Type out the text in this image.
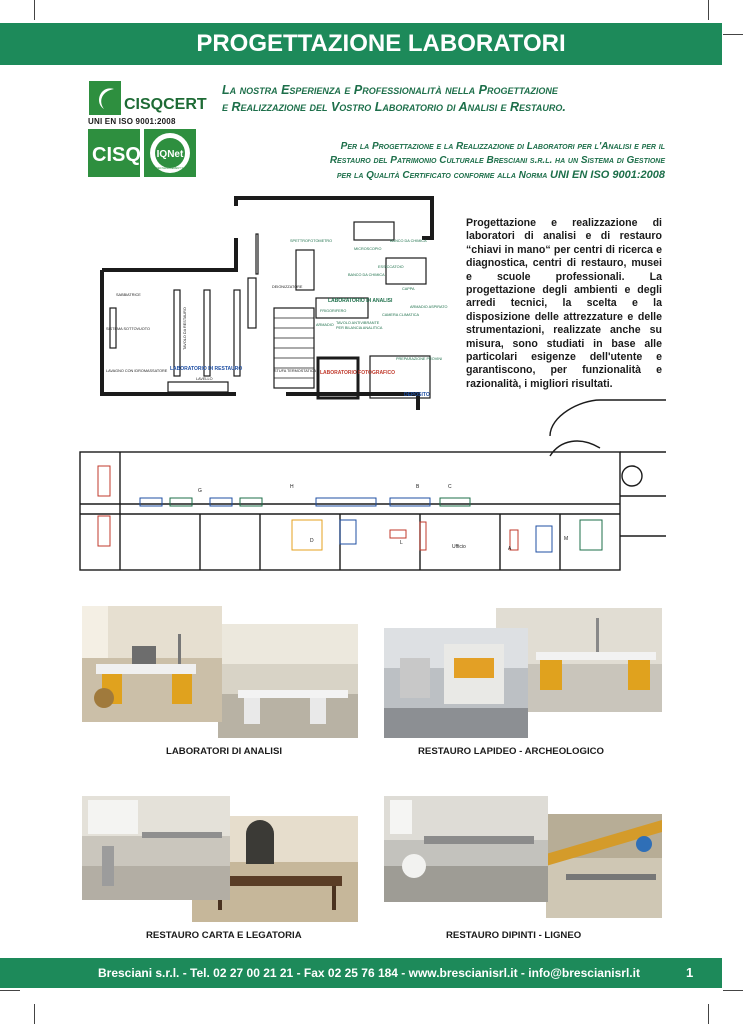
PROGETTAZIONE LABORATORI
CISQCERT
UNI EN ISO 9001:2008
CISQ IQNet
CERTIFIED MANAGEMENT SYSTEM
La nostra Esperienza e Professionalità nella Progettazione
e Realizzazione del Vostro Laboratorio di Analisi e Restauro.
Per la Progettazione e la Realizzazione di Laboratori per l'Analisi e per il
Restauro del Patrimonio Culturale Bresciani s.r.l. ha un Sistema di Gestione
per la Qualità Certificato conforme alla Norma UNI EN ISO 9001:2008
SPETTROFOTOMETRO
MICROSCOPIO
BANCO DA CHIMICA
ESSICCATOIO
BANCO DA CHIMICA
CAPPA
DEIONIZZATORE
LABORATORIO DI ANALISI
ARMADIO ASPIRATO
FRIGORIFERO
CAMERA CLIMATICA
ARMADIO TAVOLO ANTIVIBRANTE
PER BILANCIA ANALITICA
SABBIATRICE
SISTEMA SOTTOVUOTO	TAVOLO DA RESTAURO
LABORATORIO DI RESTAURO
LAVAGNO CON IDROMASSATORE
LAVELLO
STUFA TERMOSTATICA LABORATORIO FOTOGRAFICO
PREPARAZIONE PROVINI
DEPOSITO
Progettazione e realizzazione di laboratori di analisi e di restauro “chiavi in mano“ per centri di ricerca e diagnostica, centri di restauro, musei e scuole professionali. La progettazione degli ambienti e degli arredi tecnici, la scelta e la disposizione delle attrezzature e delle strumentazioni, realizzate anche su misura, sono studiati in base alle particolari esigenze dell'utente e garantiscono, per funzionalità e razionalità, i migliori risultati.
Ufficio	A
M
G
H	B	C
D	L
LABORATORI DI ANALISI	RESTAURO LAPIDEO - ARCHEOLOGICO
RESTAURO CARTA E LEGATORIA	RESTAURO DIPINTI - LIGNEO
Bresciani s.r.l. - Tel. 02 27 00 21 21 - Fax 02 25 76 184 - www.brescianisrl.it - info@brescianisrl.it	1
